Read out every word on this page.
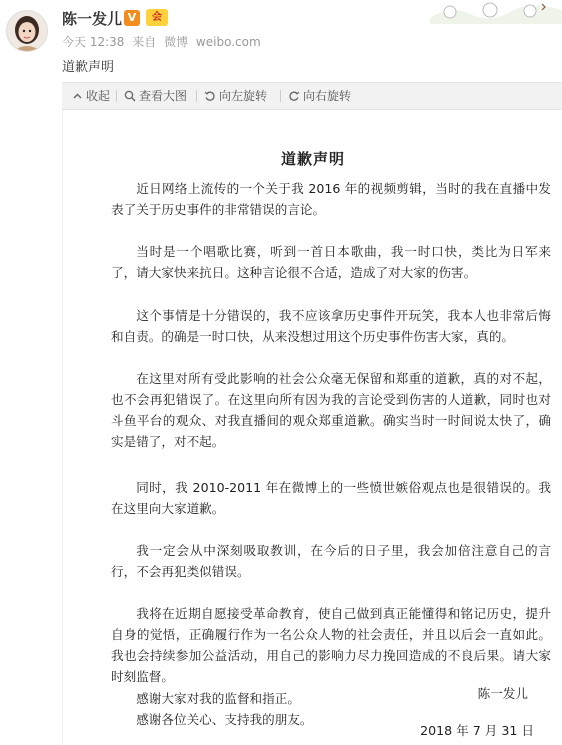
陈一发儿 V	会
今天 12:38 来自 微博 weibo.com
道歉声明
收起	查看大图	向左旋转	向右旋转
道歉声明
近日网络上流传的一个关于我 2016 年的视频剪辑，当时的我在直播中发表了关于历史事件的非常错误的言论。
当时是一个唱歌比赛，听到一首日本歌曲，我一时口快，类比为日军来了，请大家快来抗日。这种言论很不合适，造成了对大家的伤害。
这个事情是十分错误的，我不应该拿历史事件开玩笑，我本人也非常后悔和自责。的确是一时口快，从来没想过用这个历史事件伤害大家，真的。
在这里对所有受此影响的社会公众毫无保留和郑重的道歉，真的对不起，也不会再犯错误了。在这里向所有因为我的言论受到伤害的人道歉，同时也对斗鱼平台的观众、对我直播间的观众郑重道歉。确实当时一时间说太快了，确实是错了，对不起。
同时，我 2010-2011 年在微博上的一些愤世嫉俗观点也是很错误的。我在这里向大家道歉。
我一定会从中深刻吸取教训，在今后的日子里，我会加倍注意自己的言行，不会再犯类似错误。
我将在近期自愿接受革命教育，使自己做到真正能懂得和铭记历史，提升自身的觉悟，正确履行作为一名公众人物的社会责任，并且以后会一直如此。我也会持续参加公益活动，用自己的影响力尽力挽回造成的不良后果。请大家时刻监督。
感谢大家对我的监督和指正。
感谢各位关心、支持我的朋友。
陈一发儿
2018 年 7 月 31 日
